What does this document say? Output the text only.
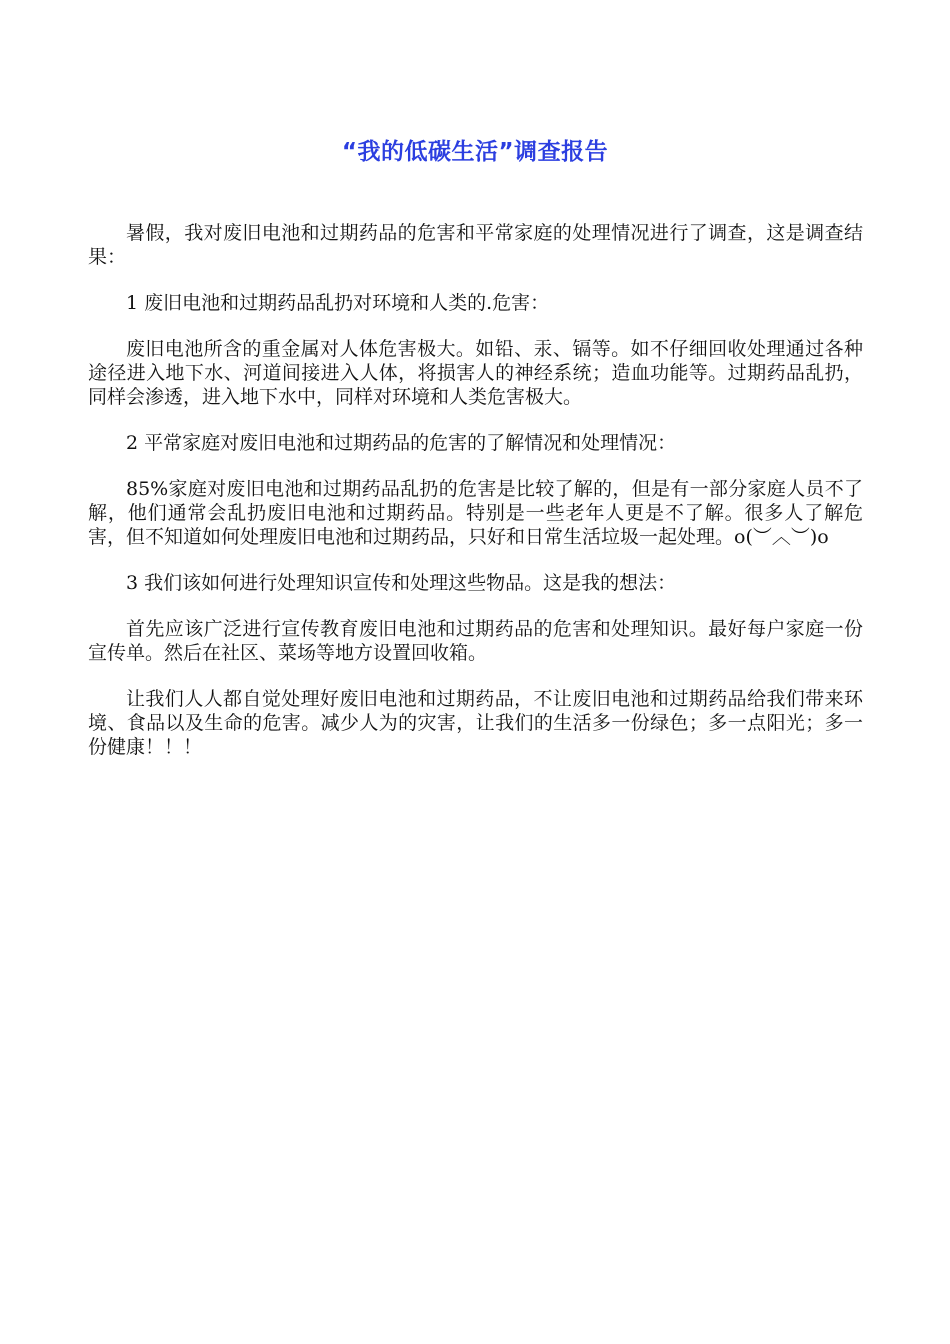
“我的低碳生活”调查报告

暑假，我对废旧电池和过期药品的危害和平常家庭的处理情况进行了调查，这是调查结果：

1 废旧电池和过期药品乱扔对环境和人类的.危害：

废旧电池所含的重金属对人体危害极大。如铅、汞、镉等。如不仔细回收处理通过各种途径进入地下水、河道间接进入人体，将损害人的神经系统；造血功能等。过期药品乱扔，同样会渗透，进入地下水中，同样对环境和人类危害极大。

2 平常家庭对废旧电池和过期药品的危害的了解情况和处理情况：

85%家庭对废旧电池和过期药品乱扔的危害是比较了解的，但是有一部分家庭人员不了解，他们通常会乱扔废旧电池和过期药品。特别是一些老年人更是不了解。很多人了解危害，但不知道如何处理废旧电池和过期药品，只好和日常生活垃圾一起处理。o(︶︿︶)o

3 我们该如何进行处理知识宣传和处理这些物品。这是我的想法：

首先应该广泛进行宣传教育废旧电池和过期药品的危害和处理知识。最好每户家庭一份宣传单。然后在社区、菜场等地方设置回收箱。

让我们人人都自觉处理好废旧电池和过期药品，不让废旧电池和过期药品给我们带来环境、食品以及生命的危害。减少人为的灾害，让我们的生活多一份绿色；多一点阳光；多一份健康！！！
